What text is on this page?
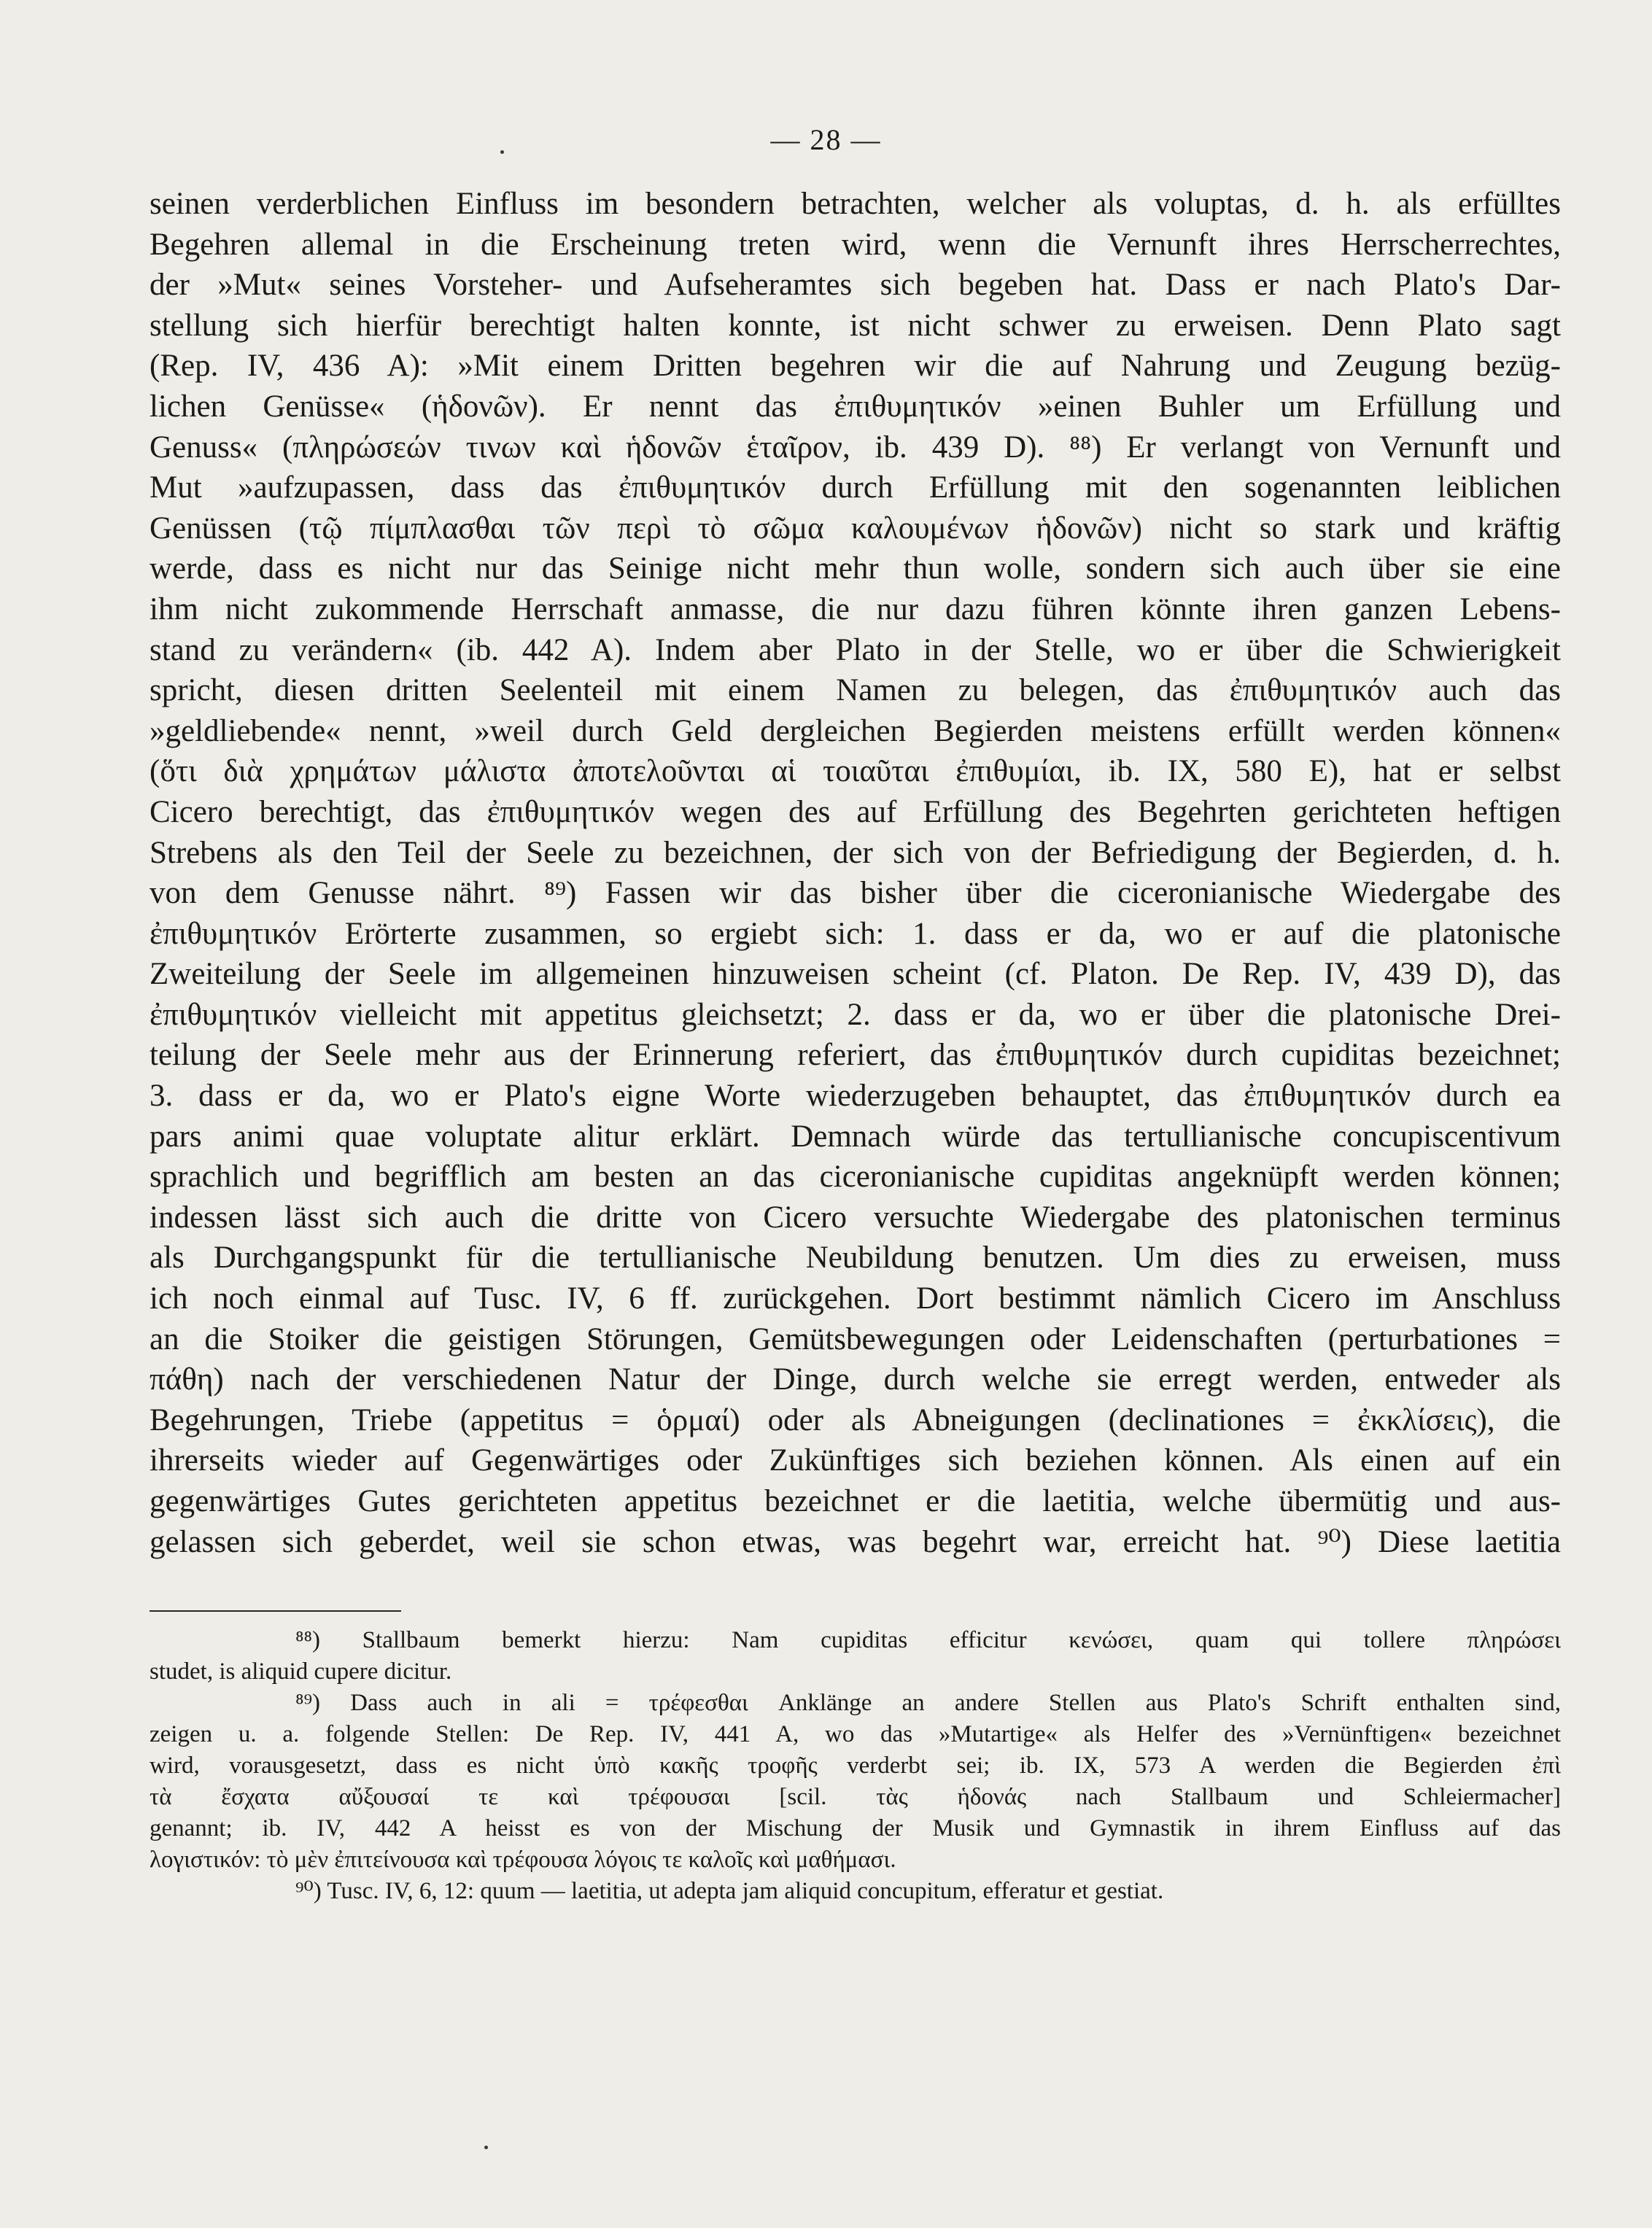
— 28 —
seinen verderblichen Einfluss im besondern betrachten, welcher als voluptas, d. h. als erfülltes
Begehren allemal in die Erscheinung treten wird, wenn die Vernunft ihres Herrscherrechtes,
der »Mut« seines Vorsteher- und Aufseheramtes sich begeben hat. Dass er nach Plato's Dar-
stellung sich hierfür berechtigt halten konnte, ist nicht schwer zu erweisen. Denn Plato sagt
(Rep. IV, 436 A): »Mit einem Dritten begehren wir die auf Nahrung und Zeugung bezüg-
lichen Genüsse« (ἡδονῶν). Er nennt das ἐπιθυμητικόν »einen Buhler um Erfüllung und
Genuss« (πληρώσεών τινων καὶ ἡδονῶν ἑταῖρον, ib. 439 D). ⁸⁸) Er verlangt von Vernunft und
Mut »aufzupassen, dass das ἐπιθυμητικόν durch Erfüllung mit den sogenannten leiblichen
Genüssen (τῷ πίμπλασθαι τῶν περὶ τὸ σῶμα καλουμένων ἡδονῶν) nicht so stark und kräftig
werde, dass es nicht nur das Seinige nicht mehr thun wolle, sondern sich auch über sie eine
ihm nicht zukommende Herrschaft anmasse, die nur dazu führen könnte ihren ganzen Lebens-
stand zu verändern« (ib. 442 A). Indem aber Plato in der Stelle, wo er über die Schwierigkeit
spricht, diesen dritten Seelenteil mit einem Namen zu belegen, das ἐπιθυμητικόν auch das
»geldliebende« nennt, »weil durch Geld dergleichen Begierden meistens erfüllt werden können«
(ὅτι διὰ χρημάτων μάλιστα ἀποτελοῦνται αἱ τοιαῦται ἐπιθυμίαι, ib. IX, 580 E), hat er selbst
Cicero berechtigt, das ἐπιθυμητικόν wegen des auf Erfüllung des Begehrten gerichteten heftigen
Strebens als den Teil der Seele zu bezeichnen, der sich von der Befriedigung der Begierden, d. h.
von dem Genusse nährt. ⁸⁹) Fassen wir das bisher über die ciceronianische Wiedergabe des
ἐπιθυμητικόν Erörterte zusammen, so ergiebt sich: 1. dass er da, wo er auf die platonische
Zweiteilung der Seele im allgemeinen hinzuweisen scheint (cf. Platon. De Rep. IV, 439 D), das
ἐπιθυμητικόν vielleicht mit appetitus gleichsetzt; 2. dass er da, wo er über die platonische Drei-
teilung der Seele mehr aus der Erinnerung referiert, das ἐπιθυμητικόν durch cupiditas bezeichnet;
3. dass er da, wo er Plato's eigne Worte wiederzugeben behauptet, das ἐπιθυμητικόν durch ea
pars animi quae voluptate alitur erklärt. Demnach würde das tertullianische concupiscentivum
sprachlich und begrifflich am besten an das ciceronianische cupiditas angeknüpft werden können;
indessen lässt sich auch die dritte von Cicero versuchte Wiedergabe des platonischen terminus
als Durchgangspunkt für die tertullianische Neubildung benutzen. Um dies zu erweisen, muss
ich noch einmal auf Tusc. IV, 6 ff. zurückgehen. Dort bestimmt nämlich Cicero im Anschluss
an die Stoiker die geistigen Störungen, Gemütsbewegungen oder Leidenschaften (perturbationes =
πάθη) nach der verschiedenen Natur der Dinge, durch welche sie erregt werden, entweder als
Begehrungen, Triebe (appetitus = ὁρμαί) oder als Abneigungen (declinationes = ἐκκλίσεις), die
ihrerseits wieder auf Gegenwärtiges oder Zukünftiges sich beziehen können. Als einen auf ein
gegenwärtiges Gutes gerichteten appetitus bezeichnet er die laetitia, welche übermütig und aus-
gelassen sich geberdet, weil sie schon etwas, was begehrt war, erreicht hat. ⁹⁰) Diese laetitia
⁸⁸) Stallbaum bemerkt hierzu: Nam cupiditas efficitur κενώσει, quam qui tollere πληρώσει
studet, is aliquid cupere dicitur.
⁸⁹) Dass auch in ali = τρέφεσθαι Anklänge an andere Stellen aus Plato's Schrift enthalten sind,
zeigen u. a. folgende Stellen: De Rep. IV, 441 A, wo das »Mutartige« als Helfer des »Vernünftigen« bezeichnet
wird, vorausgesetzt, dass es nicht ὑπὸ κακῆς τροφῆς verderbt sei; ib. IX, 573 A werden die Begierden ἐπὶ
τὰ ἔσχατα αὔξουσαί τε καὶ τρέφουσαι [scil. τὰς ἡδονάς nach Stallbaum und Schleiermacher]
genannt; ib. IV, 442 A heisst es von der Mischung der Musik und Gymnastik in ihrem Einfluss auf das
λογιστικόν: τὸ μὲν ἐπιτείνουσα καὶ τρέφουσα λόγοις τε καλοῖς καὶ μαθήμασι.
⁹⁰) Tusc. IV, 6, 12: quum — laetitia, ut adepta jam aliquid concupitum, efferatur et gestiat.
